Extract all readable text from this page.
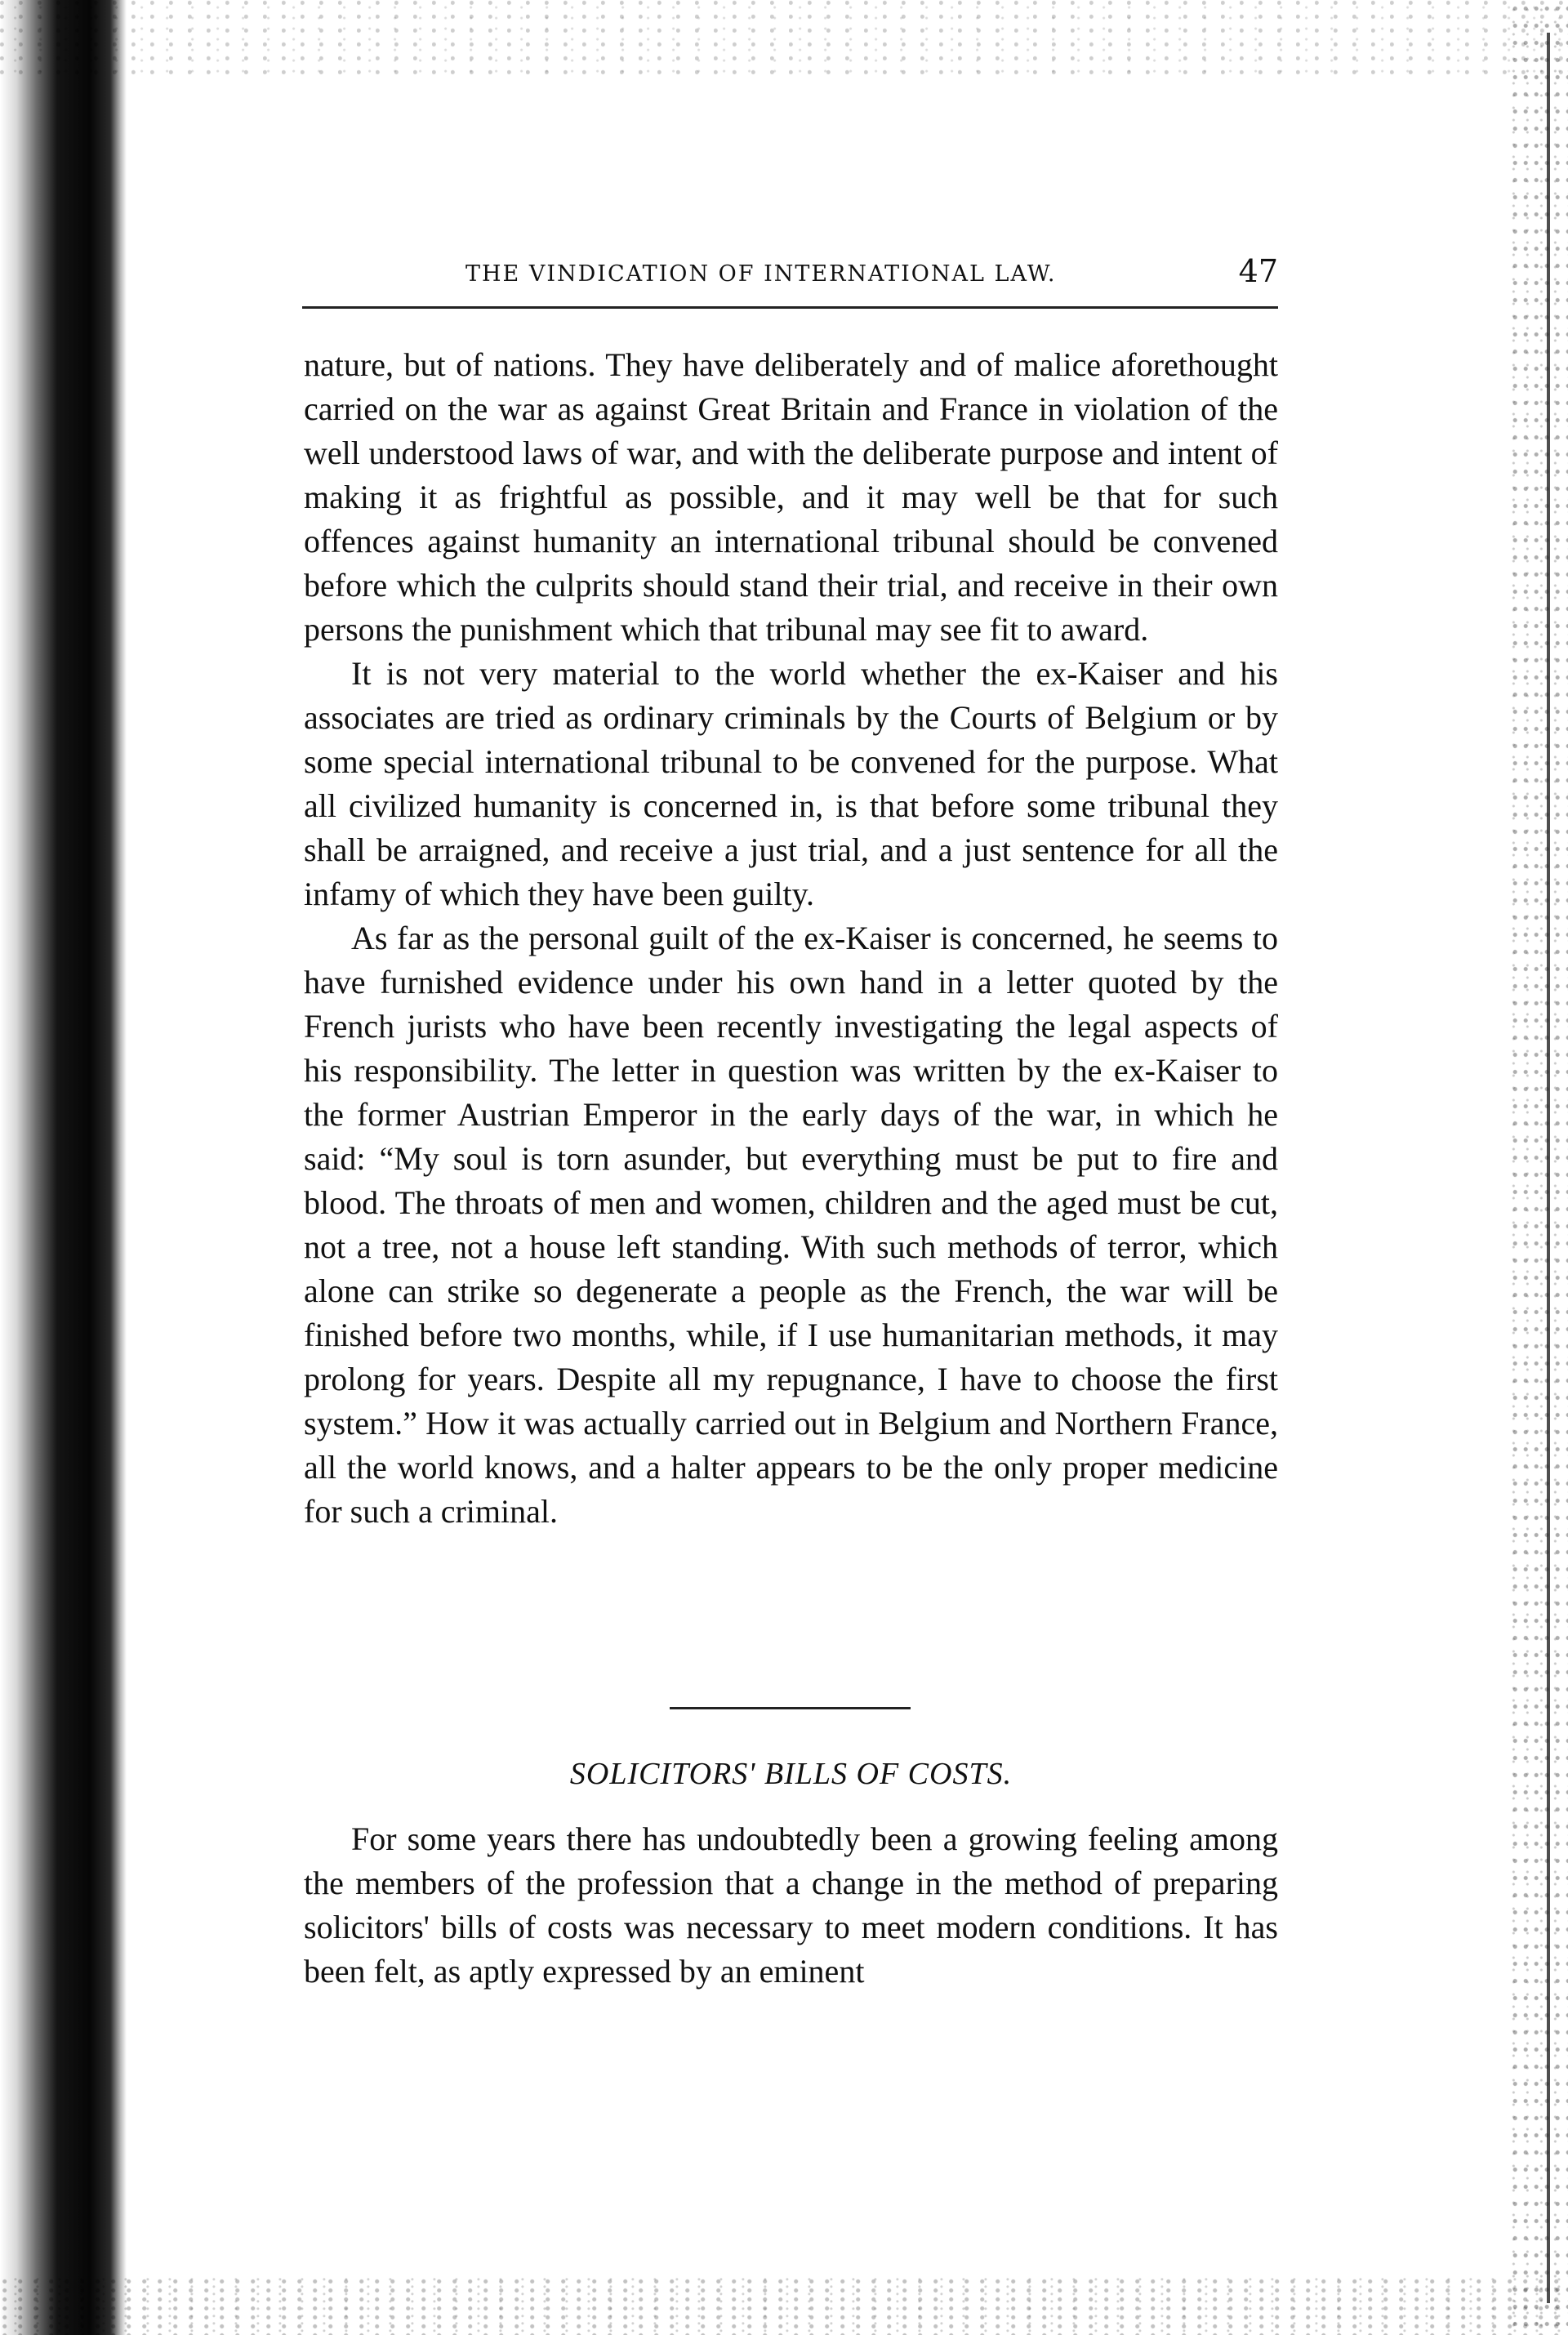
THE VINDICATION OF INTERNATIONAL LAW.	47

nature, but of nations. They have deliberately and of malice aforethought carried on the war as against Great Britain and France in violation of the well understood laws of war, and with the deliberate purpose and intent of making it as frightful as possible, and it may well be that for such offences against humanity an international tribunal should be convened before which the culprits should stand their trial, and receive in their own persons the punishment which that tribunal may see fit to award.

It is not very material to the world whether the ex-Kaiser and his associates are tried as ordinary criminals by the Courts of Belgium or by some special international tribunal to be convened for the purpose. What all civilized humanity is concerned in, is that before some tribunal they shall be arraigned, and receive a just trial, and a just sentence for all the infamy of which they have been guilty.

As far as the personal guilt of the ex-Kaiser is concerned, he seems to have furnished evidence under his own hand in a letter quoted by the French jurists who have been recently investigating the legal aspects of his responsibility. The letter in question was written by the ex-Kaiser to the former Austrian Emperor in the early days of the war, in which he said: “My soul is torn asunder, but everything must be put to fire and blood. The throats of men and women, children and the aged must be cut, not a tree, not a house left standing. With such methods of terror, which alone can strike so degenerate a people as the French, the war will be finished before two months, while, if I use humanitarian methods, it may prolong for years. Despite all my repugnance, I have to choose the first system.” How it was actually carried out in Belgium and Northern France, all the world knows, and a halter appears to be the only proper medicine for such a criminal.

SOLICITORS' BILLS OF COSTS.

For some years there has undoubtedly been a growing feeling among the members of the profession that a change in the method of preparing solicitors' bills of costs was necessary to meet modern conditions. It has been felt, as aptly expressed by an eminent
